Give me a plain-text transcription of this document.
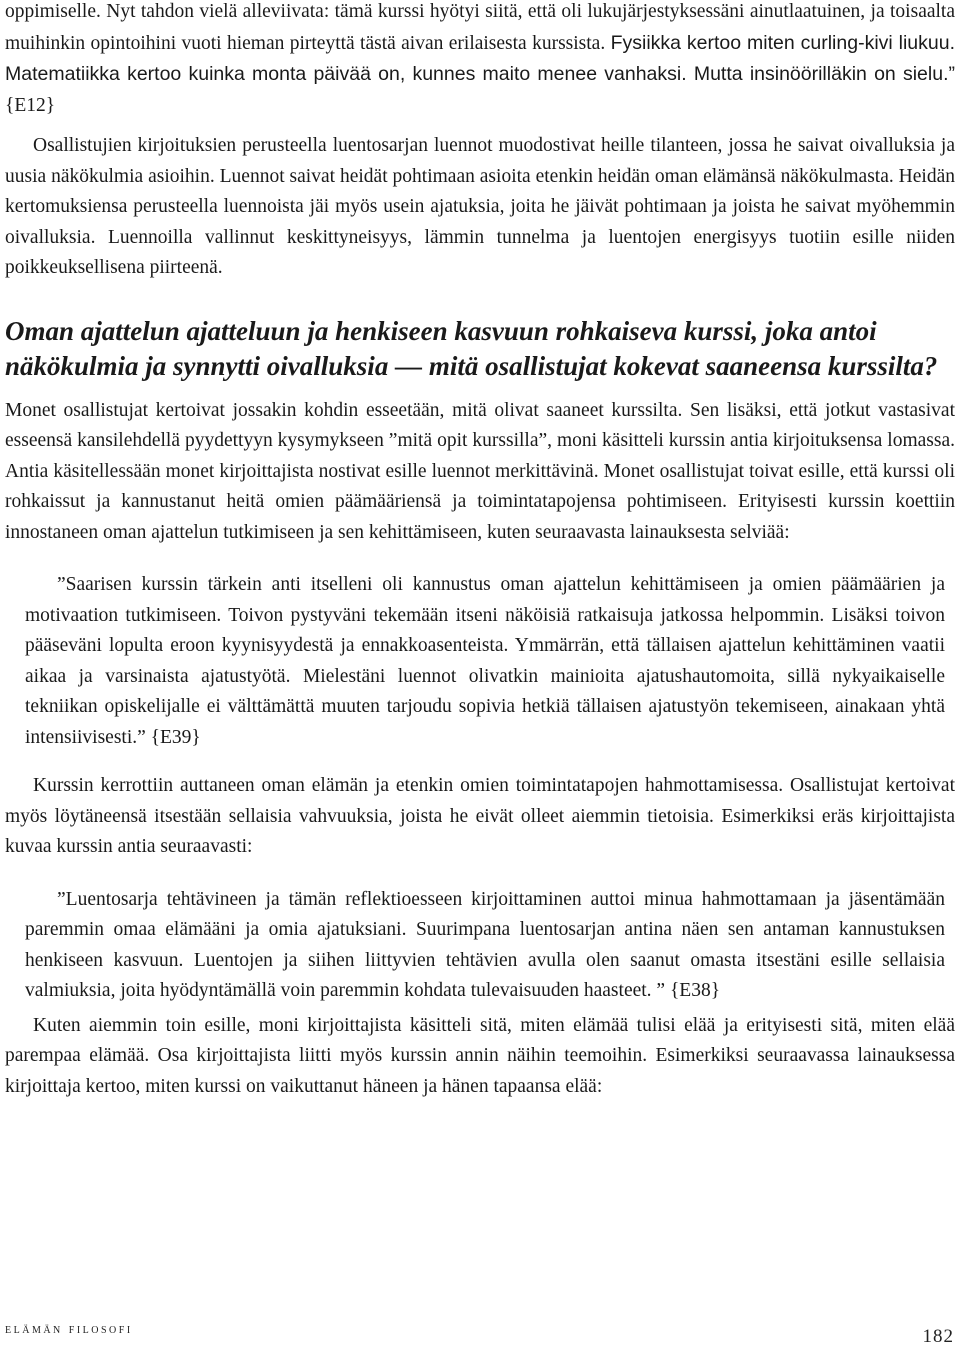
oppimiselle. Nyt tahdon vielä alleviivata: tämä kurssi hyötyi siitä, että oli lukujärjestyksessäni ainutlaatuinen, ja toisaalta muihinkin opintoihini vuoti hieman pirteyttä tästä aivan erilaisesta kurssista. Fysiikka kertoo miten curling-kivi liukuu. Matematiikka kertoo kuinka monta päivää on, kunnes maito menee vanhaksi. Mutta insinöörilläkin on sielu.” {E12}

Osallistujien kirjoituksien perusteella luentosarjan luennot muodostivat heille tilanteen, jossa he saivat oivalluksia ja uusia näkökulmia asioihin. Luennot saivat heidät pohtimaan asioita etenkin heidän oman elämänsä näkökulmasta. Heidän kertomuksiensa perusteella luennoista jäi myös usein ajatuksia, joita he jäivät pohtimaan ja joista he saivat myöhemmin oivalluksia. Luennoilla vallinnut keskittyneisyys, lämmin tunnelma ja luentojen energisyys tuotiin esille niiden poikkeuksellisena piirteenä.

Oman ajattelun ajatteluun ja henkiseen kasvuun rohkaiseva kurssi, joka antoi näkökulmia ja synnytti oivalluksia — mitä osallistujat kokevat saaneensa kurssilta?

Monet osallistujat kertoivat jossakin kohdin esseetään, mitä olivat saaneet kurssilta. Sen lisäksi, että jotkut vastasivat esseensä kansilehdellä pyydettyyn kysymykseen ”mitä opit kurssilla”, moni käsitteli kurssin antia kirjoituksensa lomassa. Antia käsitellessään monet kirjoittajista nostivat esille luennot merkittävinä. Monet osallistujat toivat esille, että kurssi oli rohkaissut ja kannustanut heitä omien päämääriensä ja toimintatapojensa pohtimiseen. Erityisesti kurssin koettiin innostaneen oman ajattelun tutkimiseen ja sen kehittämiseen, kuten seuraavasta lainauksesta selviää:

”Saarisen kurssin tärkein anti itselleni oli kannustus oman ajattelun kehittämiseen ja omien päämäärien ja motivaation tutkimiseen. Toivon pystyväni tekemään itseni näköisiä ratkaisuja jatkossa helpommin. Lisäksi toivon pääseväni lopulta eroon kyynisyydestä ja ennakkoasenteista. Ymmärrän, että tällaisen ajattelun kehittäminen vaatii aikaa ja varsinaista ajatustyötä. Mielestäni luennot olivatkin mainioita ajatushautomoita, sillä nykyaikaiselle tekniikan opiskelijalle ei välttämättä muuten tarjoudu sopivia hetkiä tällaisen ajatustyön tekemiseen, ainakaan yhtä intensiivisesti.” {E39}

Kurssin kerrottiin auttaneen oman elämän ja etenkin omien toimintatapojen hahmottamisessa. Osallistujat kertoivat myös löytäneensä itsestään sellaisia vahvuuksia, joista he eivät olleet aiemmin tietoisia. Esimerkiksi eräs kirjoittajista kuvaa kurssin antia seuraavasti:

”Luentosarja tehtävineen ja tämän reflektioesseen kirjoittaminen auttoi minua hahmottamaan ja jäsentämään paremmin omaa elämääni ja omia ajatuksiani. Suurimpana luentosarjan antina näen sen antaman kannustuksen henkiseen kasvuun. Luentojen ja siihen liittyvien tehtävien avulla olen saanut omasta itsestäni esille sellaisia valmiuksia, joita hyödyntämällä voin paremmin kohdata tulevaisuuden haasteet. ” {E38}

Kuten aiemmin toin esille, moni kirjoittajista käsitteli sitä, miten elämää tulisi elää ja erityisesti sitä, miten elää parempaa elämää. Osa kirjoittajista liitti myös kurssin annin näihin teemoihin. Esimerkiksi seuraavassa lainauksessa kirjoittaja kertoo, miten kurssi on vaikuttanut häneen ja hänen tapaansa elää:

elämän filosofi	182
